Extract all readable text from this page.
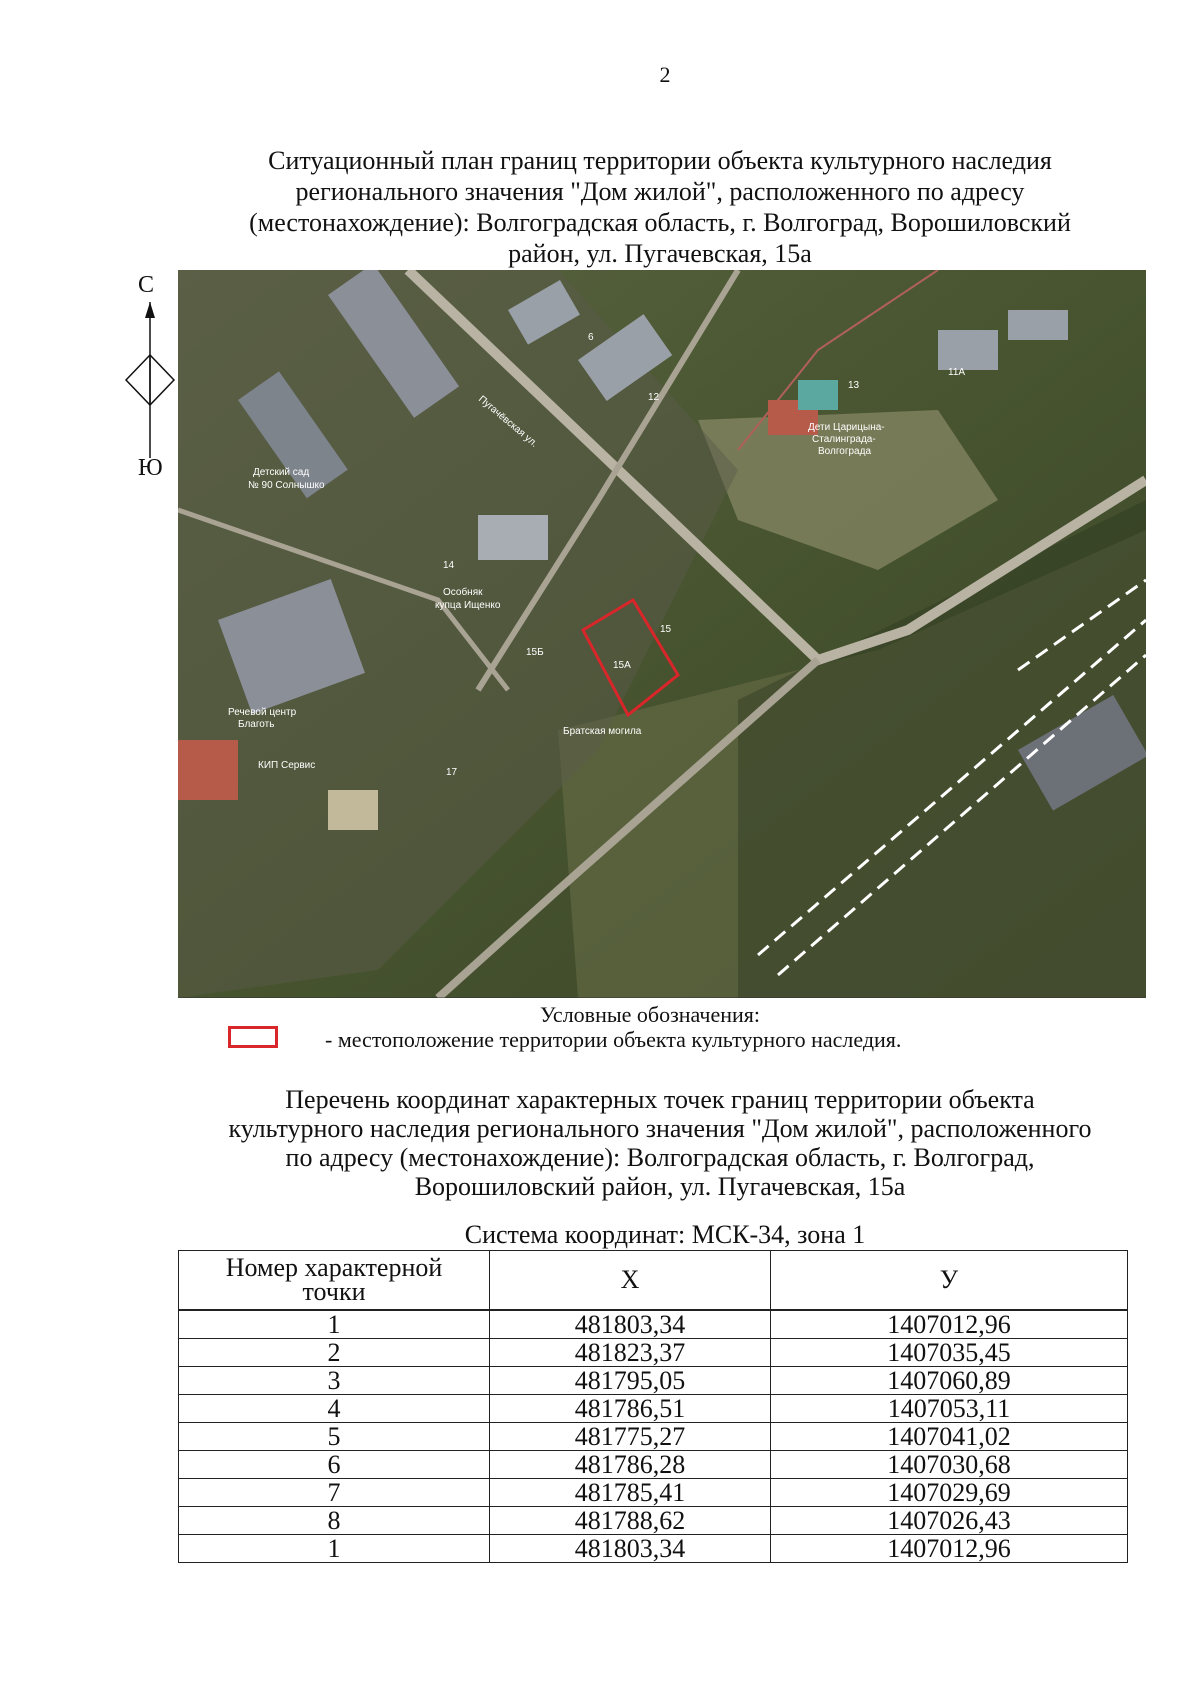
2
Ситуационный план границ территории объекта культурного наследия
регионального значения "Дом жилой", расположенного по адресу
(местонахождение): Волгоградская область, г. Волгоград, Ворошиловский
район, ул. Пугачевская, 15а
С
Ю	Детский сад
№ 90 Солнышко
Особняк
купца Ищенко
Братская могила
Дети Царицына-
Сталинграда-
Волгограда
Речевой центр
Благоть
КИП Сервис
Пугачёвская ул.
15А
15
15Б
14
12
13
11А
6
17
Условные обозначения:
- местоположение территории объекта культурного наследия.
Перечень координат характерных точек границ территории объекта
культурного наследия регионального значения "Дом жилой", расположенного
по адресу (местонахождение): Волгоградская область, г. Волгоград,
Ворошиловский район, ул. Пугачевская, 15а
Система координат: МСК-34, зона 1
Номер характерной
точки	Х	У
1	481803,34	1407012,96
2	481823,37	1407035,45
3	481795,05	1407060,89
4	481786,51	1407053,11
5	481775,27	1407041,02
6	481786,28	1407030,68
7	481785,41	1407029,69
8	481788,62	1407026,43
1	481803,34	1407012,96
